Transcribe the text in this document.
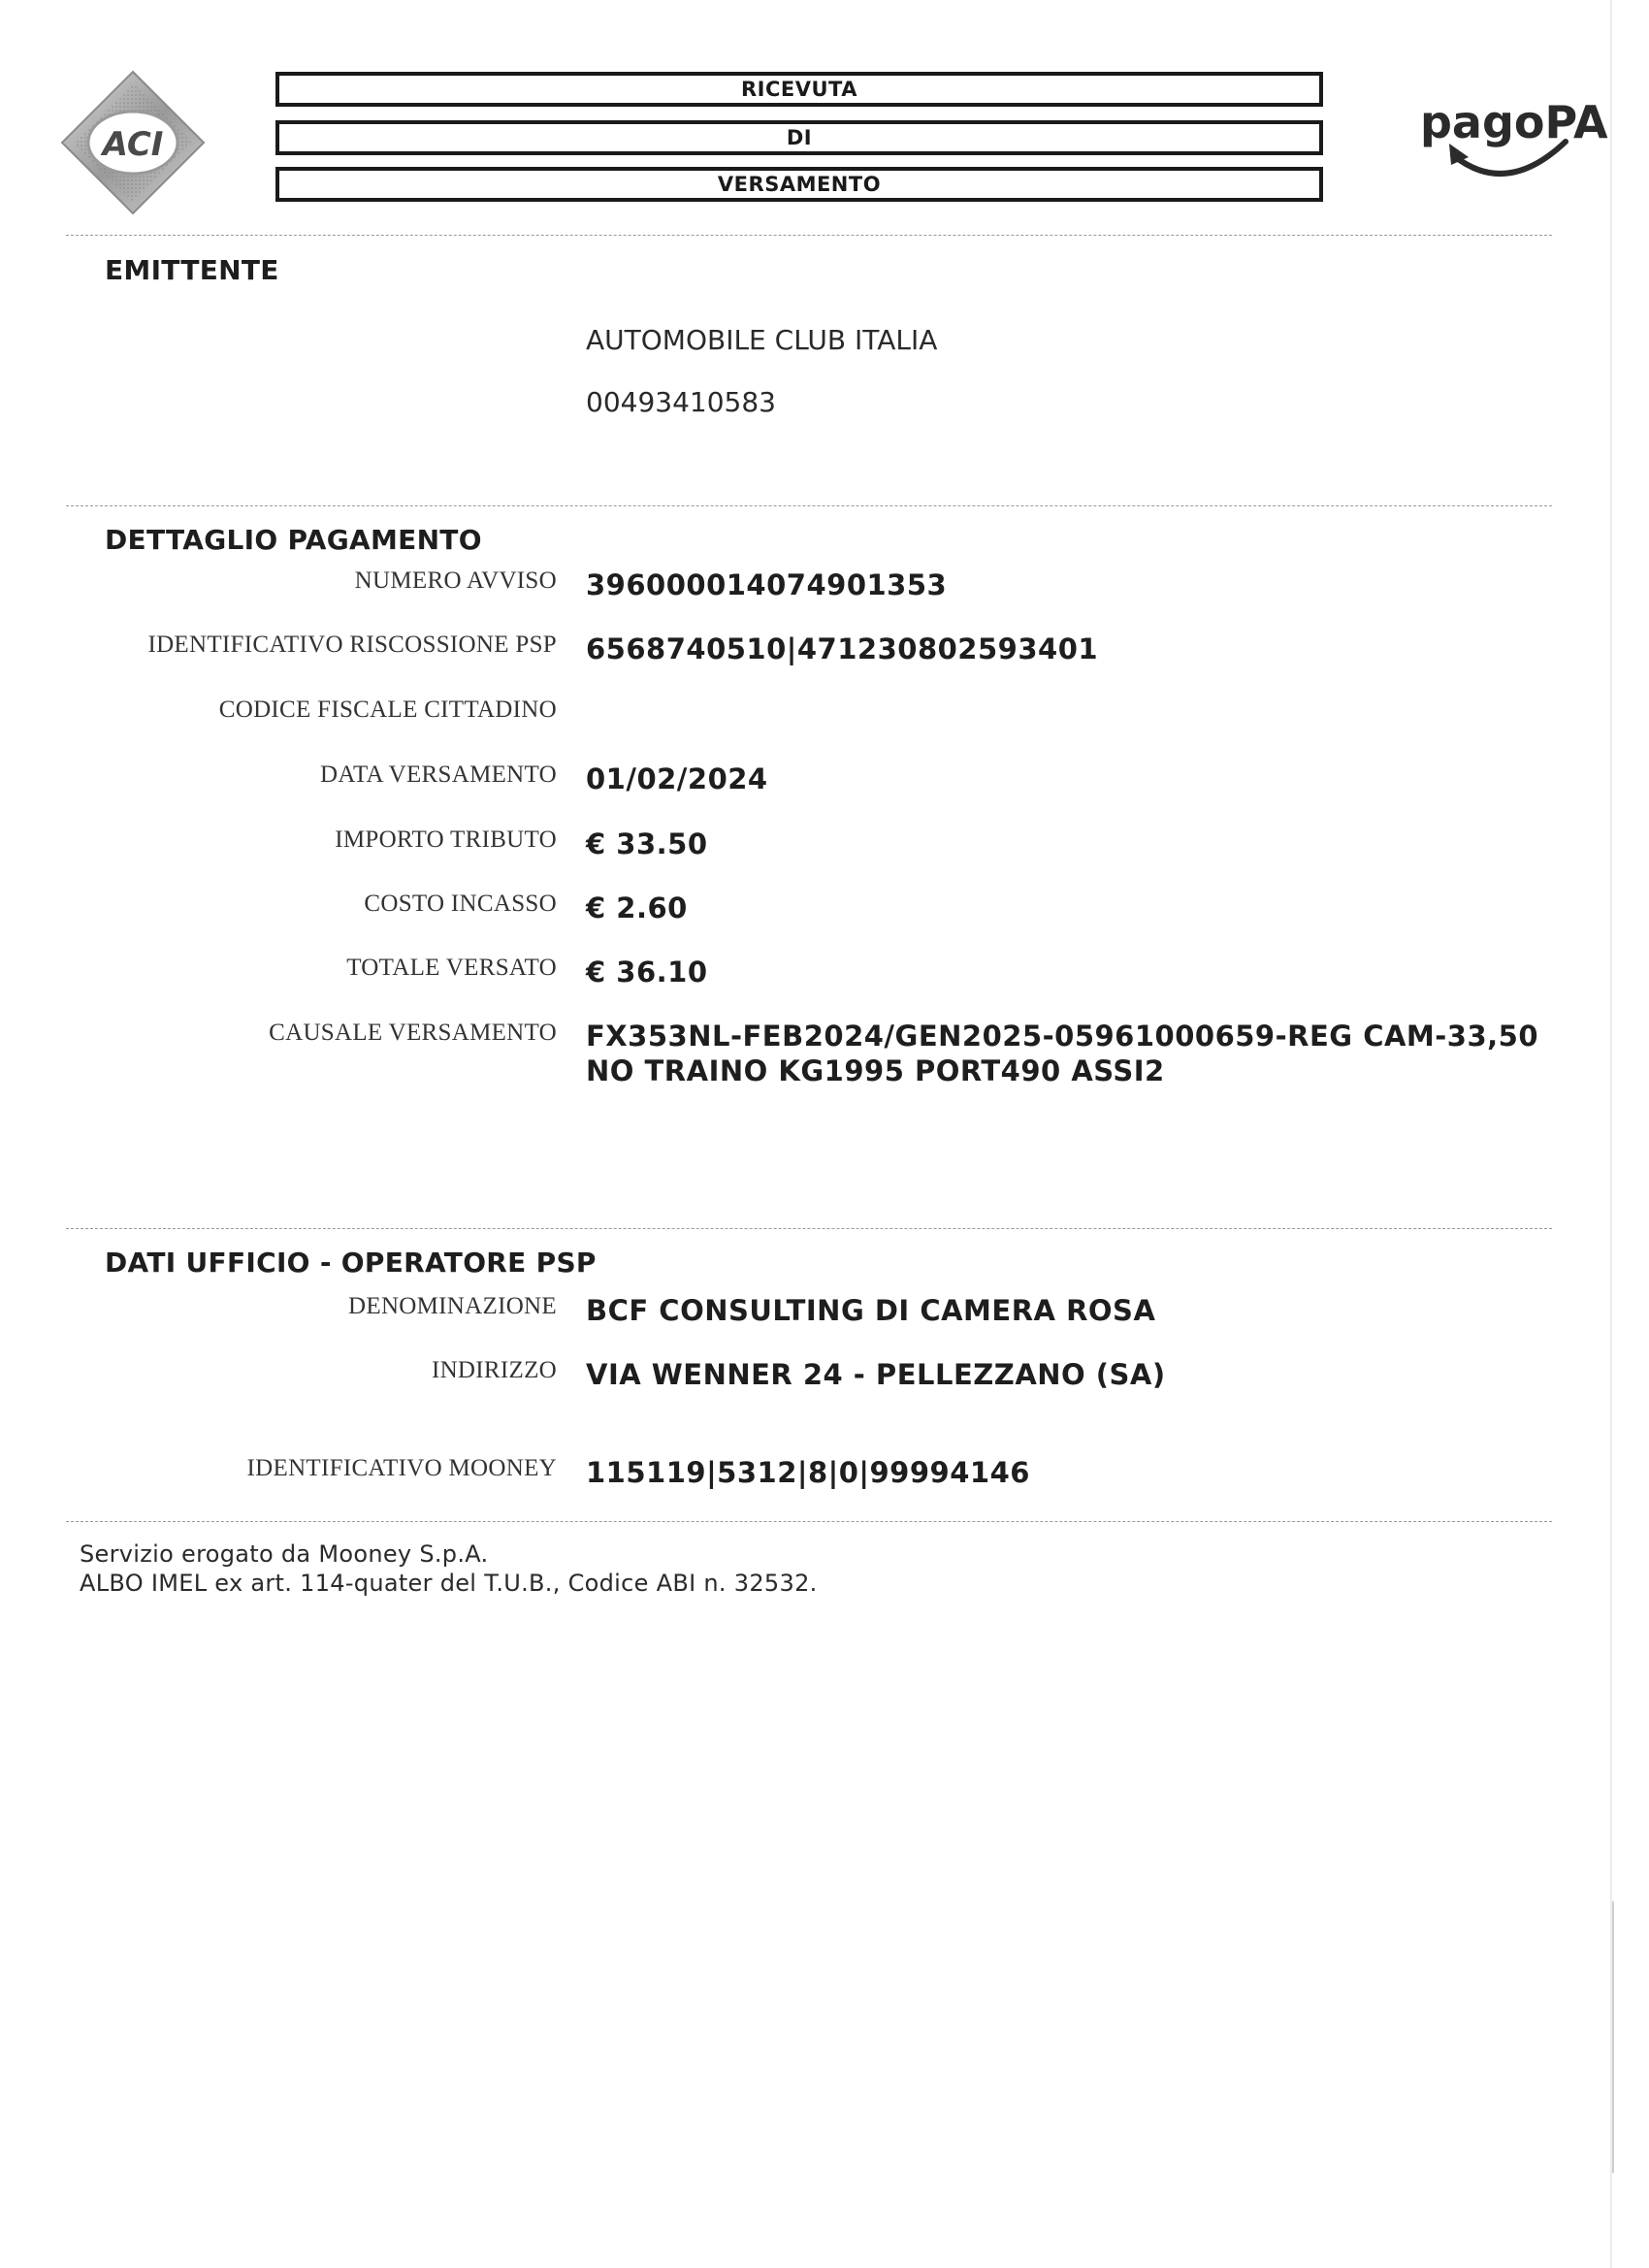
ACI
RICEVUTA
DI
VERSAMENTO
pagoPA
EMITTENTE
AUTOMOBILE CLUB ITALIA
00493410583
DETTAGLIO PAGAMENTO
NUMERO AVVISO 396000014074901353
IDENTIFICATIVO RISCOSSIONE PSP 6568740510|471230802593401
CODICE FISCALE CITTADINO
DATA VERSAMENTO 01/02/2024
IMPORTO TRIBUTO € 33.50
COSTO INCASSO € 2.60
TOTALE VERSATO € 36.10
CAUSALE VERSAMENTO FX353NL-FEB2024/GEN2025-05961000659-REG CAM-33,50 NO TRAINO KG1995 PORT490 ASSI2
DATI UFFICIO - OPERATORE PSP
DENOMINAZIONE BCF CONSULTING DI CAMERA ROSA
INDIRIZZO VIA WENNER 24 - PELLEZZANO (SA)
IDENTIFICATIVO MOONEY 115119|5312|8|0|99994146
Servizio erogato da Mooney S.p.A.
ALBO IMEL ex art. 114-quater del T.U.B., Codice ABI n. 32532.
